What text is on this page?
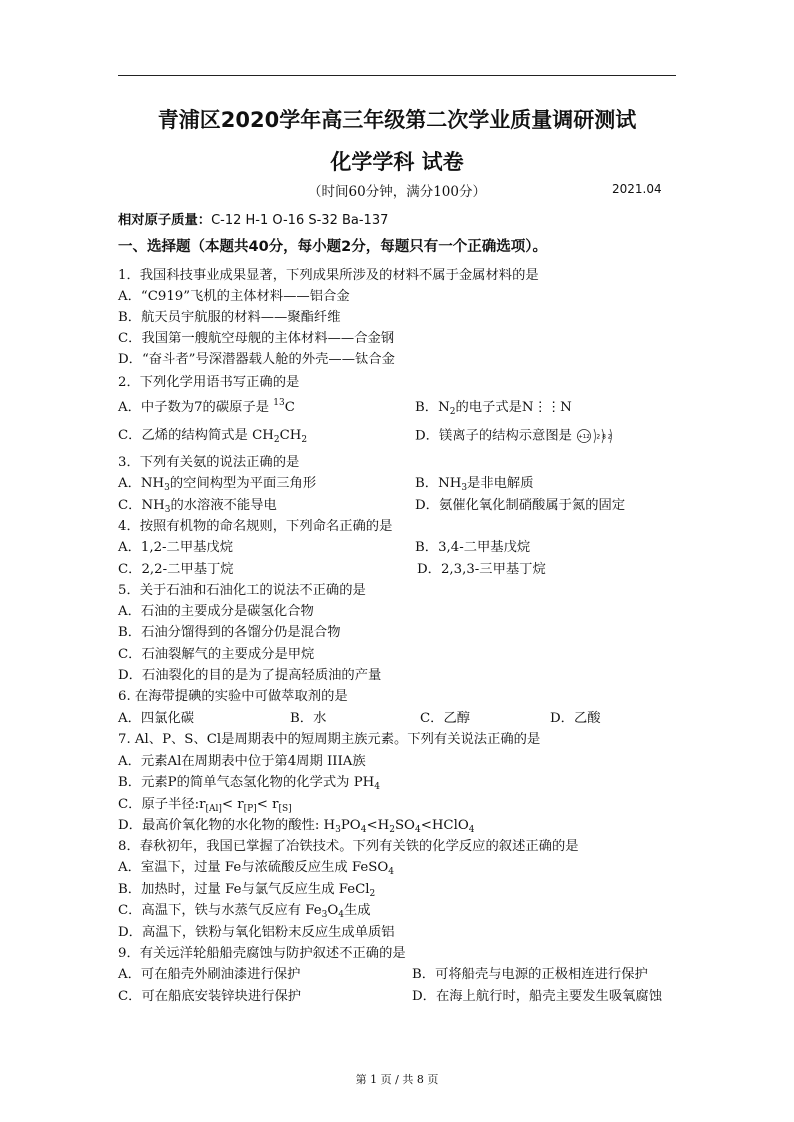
青浦区2020学年高三年级第二次学业质量调研测试
化学学科 试卷
（时间60分钟，满分100分）	2021.04
相对原子质量：C-12 H-1 O-16 S-32 Ba-137
一、选择题（本题共40分，每小题2分，每题只有一个正确选项）。
1．我国科技事业成果显著，下列成果所涉及的材料不属于金属材料的是
A．“C919”飞机的主体材料——铝合金
B．航天员宇航服的材料——聚酯纤维
C．我国第一艘航空母舰的主体材料——合金钢
D．“奋斗者”号深潜器载人舱的外壳——钛合金
2．下列化学用语书写正确的是
A．中子数为7的碳原子是 $^{13}$C	B．$N_2$的电子式是N⋮⋮N
C．乙烯的结构简式是 $CH_2CH_2$	D．镁离子的结构示意图是 +12 2 8 2
3．下列有关氨的说法正确的是
A．$NH_3$的空间构型为平面三角形	B．$NH_3$是非电解质
C．$NH_3$的水溶液不能导电	D．氨催化氧化制硝酸属于氮的固定
4．按照有机物的命名规则，下列命名正确的是
A．1,2-二甲基戊烷	B．3,4-二甲基戊烷
C．2,2-二甲基丁烷	D．2,3,3-三甲基丁烷
5．关于石油和石油化工的说法不正确的是
A．石油的主要成分是碳氢化合物
B．石油分馏得到的各馏分仍是混合物
C．石油裂解气的主要成分是甲烷
D．石油裂化的目的是为了提高轻质油的产量
6. 在海带提碘的实验中可做萃取剂的是
A．四氯化碳	B．水	C．乙醇	D．乙酸
7. Al、P、S、Cl是周期表中的短周期主族元素。下列有关说法正确的是
A．元素Al在周期表中位于第4周期 IIIA族
B．元素P的简单气态氢化物的化学式为 $PH_4$
C．原子半径$:r_{[Al]}< r_{[P]}< r_{[S]}$
D．最高价氧化物的水化物的酸性: $H_3PO_4<H_2SO_4<HClO_4$
8．春秋初年，我国已掌握了冶铁技术。下列有关铁的化学反应的叙述正确的是
A．室温下，过量 Fe与浓硫酸反应生成 FeSO$_4$
B．加热时，过量 Fe与氯气反应生成 FeCl$_2$
C．高温下，铁与水蒸气反应有 $Fe_3O_4$生成
D．高温下，铁粉与氧化铝粉末反应生成单质铝
9．有关远洋轮船船壳腐蚀与防护叙述不正确的是
A．可在船壳外刷油漆进行保护	B．可将船壳与电源的正极相连进行保护
C．可在船底安装锌块进行保护	D．在海上航行时，船壳主要发生吸氧腐蚀
第 1 页 / 共 8 页
